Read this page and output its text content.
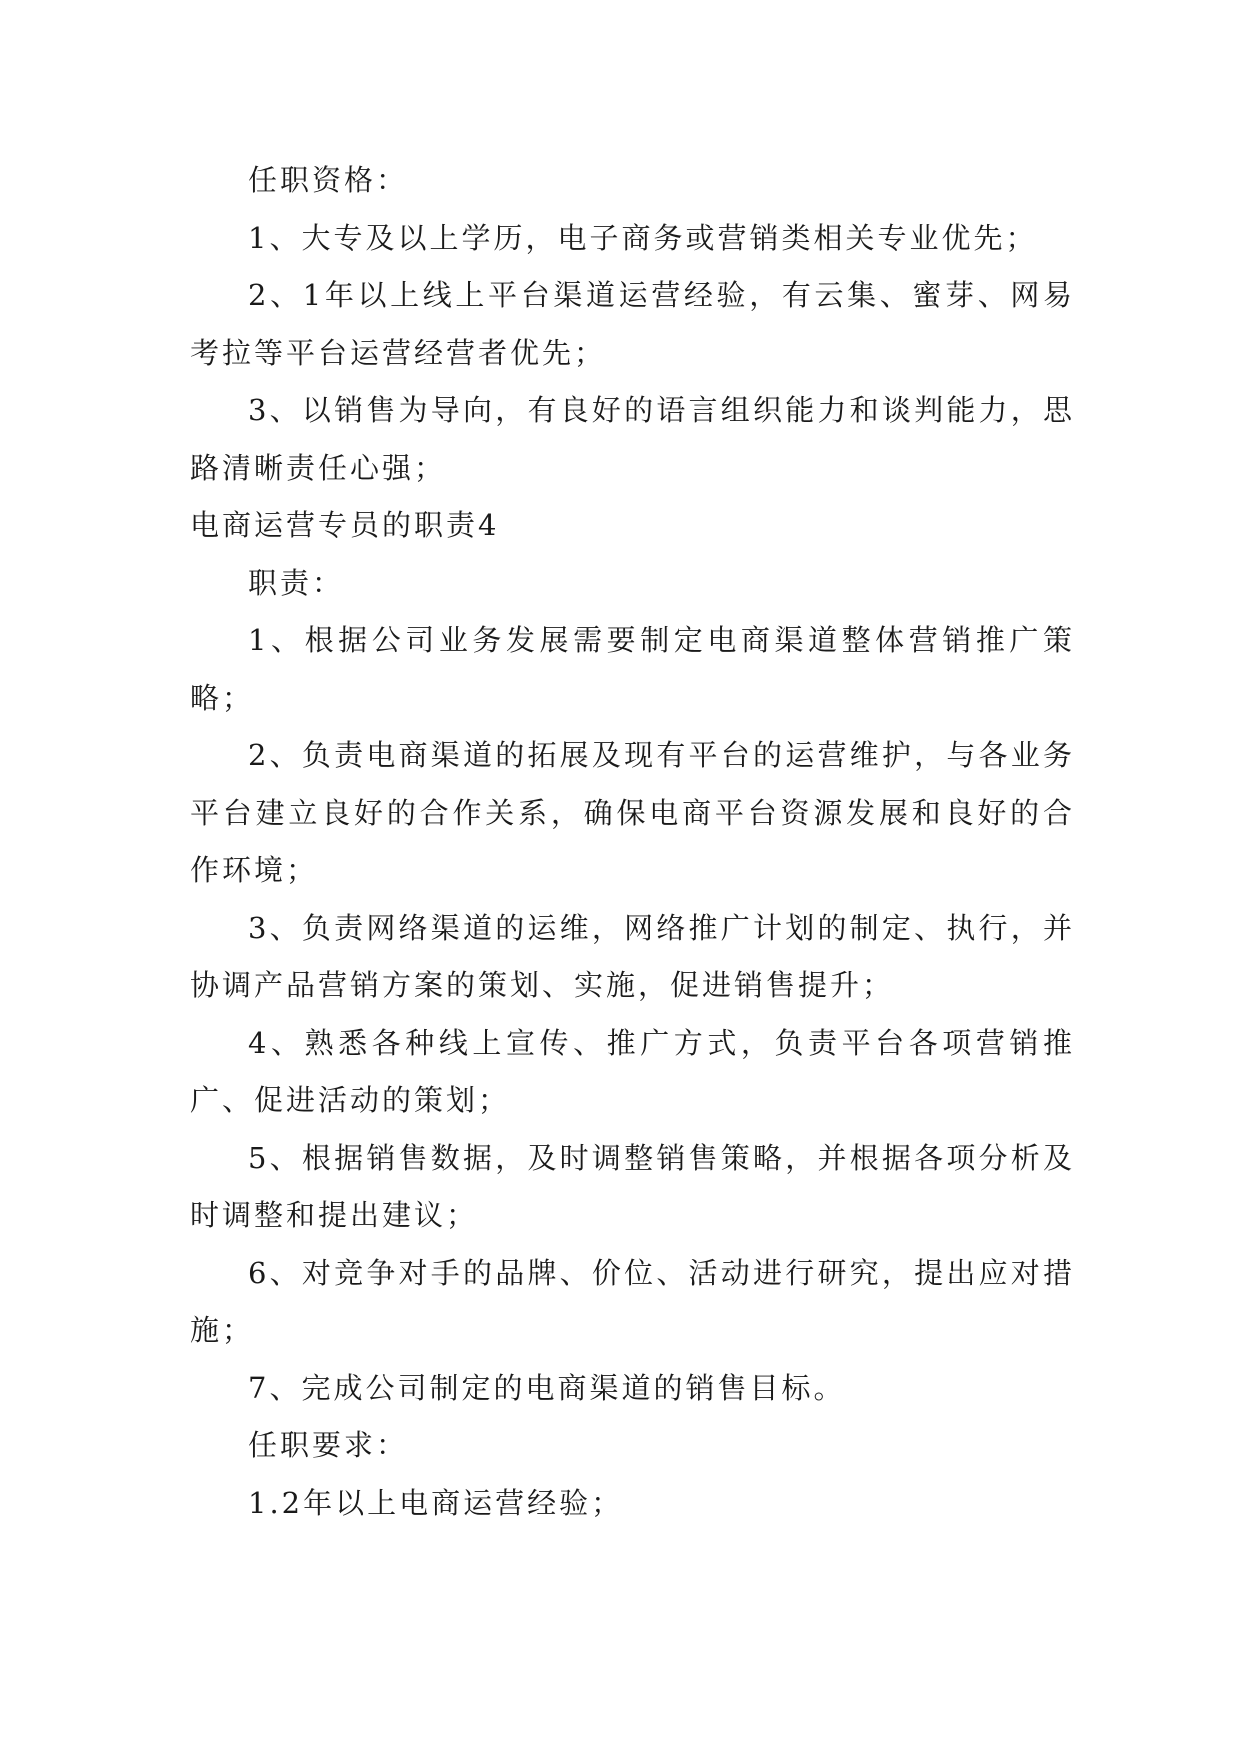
任职资格：

1、大专及以上学历，电子商务或营销类相关专业优先；

2、1年以上线上平台渠道运营经验，有云集、蜜芽、网易考拉等平台运营经营者优先；

3、以销售为导向，有良好的语言组织能力和谈判能力，思路清晰责任心强；

电商运营专员的职责4

职责：

1、根据公司业务发展需要制定电商渠道整体营销推广策略；

2、负责电商渠道的拓展及现有平台的运营维护，与各业务平台建立良好的合作关系，确保电商平台资源发展和良好的合作环境；

3、负责网络渠道的运维，网络推广计划的制定、执行，并协调产品营销方案的策划、实施，促进销售提升；

4、熟悉各种线上宣传、推广方式，负责平台各项营销推广、促进活动的策划；

5、根据销售数据，及时调整销售策略，并根据各项分析及时调整和提出建议；

6、对竞争对手的品牌、价位、活动进行研究，提出应对措施；

7、完成公司制定的电商渠道的销售目标。

任职要求：

1.2年以上电商运营经验；
